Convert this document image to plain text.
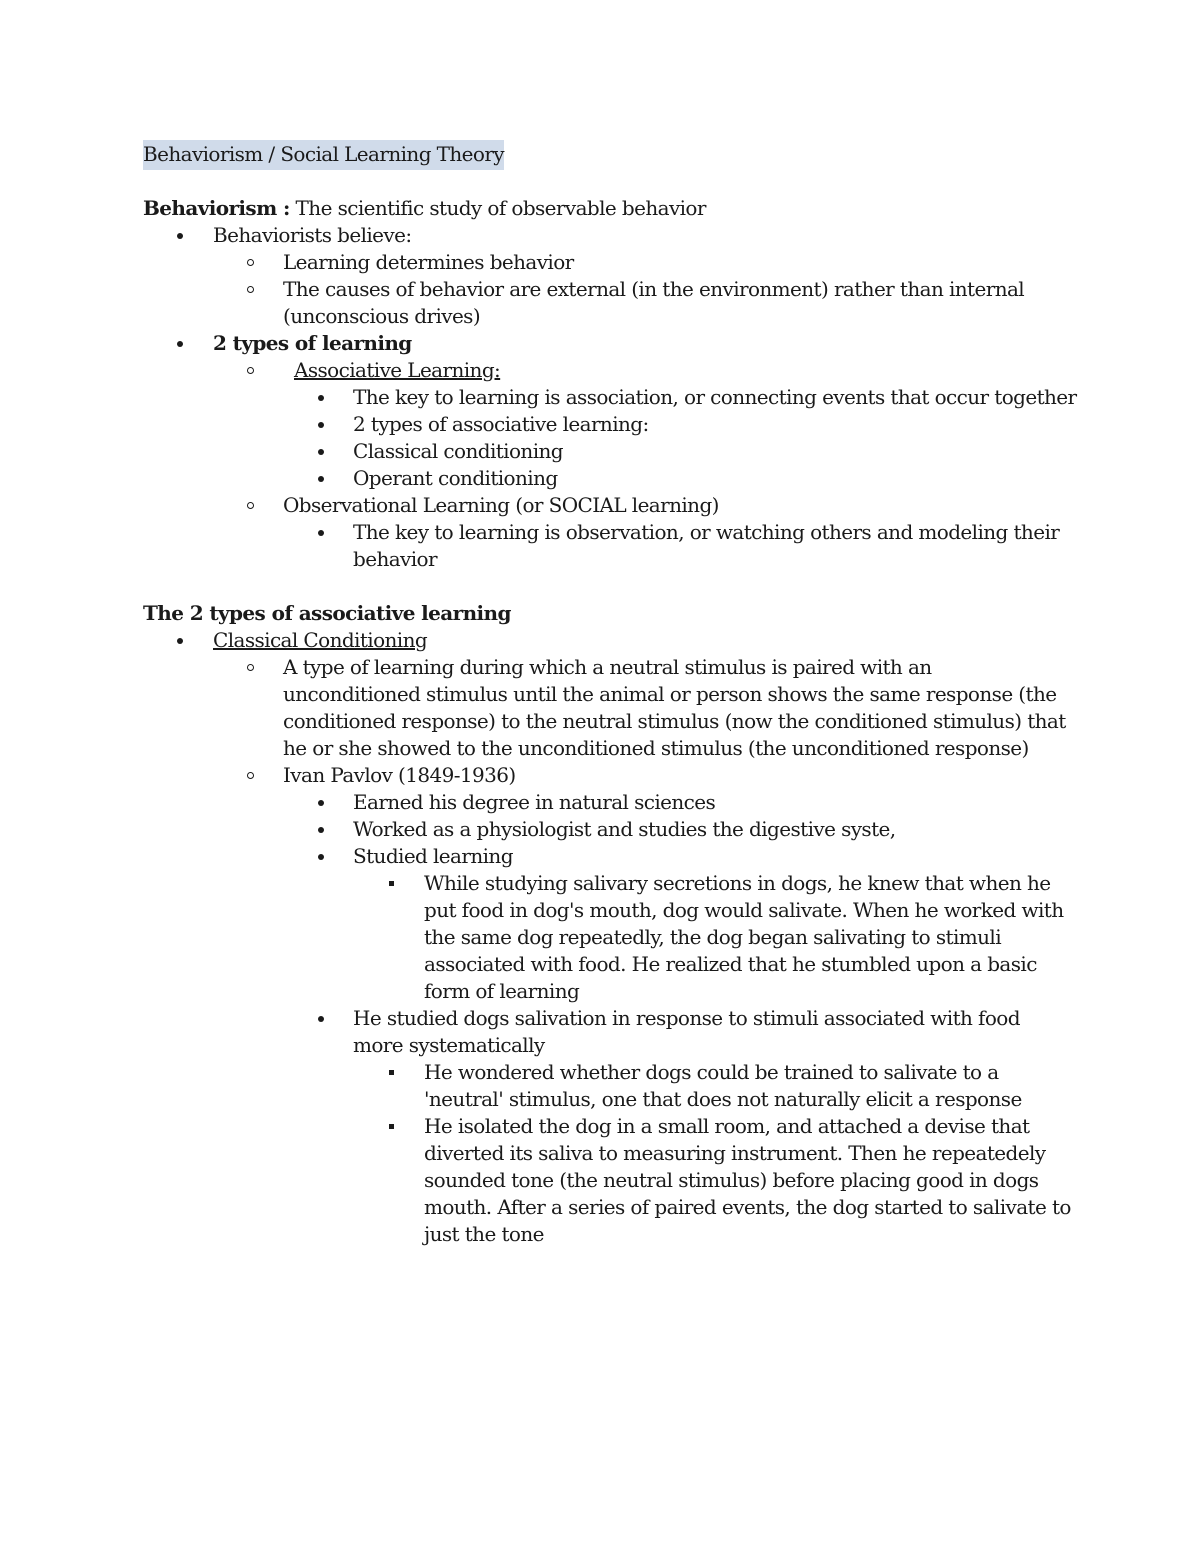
Behaviorism / Social Learning Theory
Behaviorism : The scientific study of observable behavior
Behaviorists believe:
Learning determines behavior
The causes of behavior are external (in the environment) rather than internal
(unconscious drives)
2 types of learning
Associative Learning:
The key to learning is association, or connecting events that occur together
2 types of associative learning:
Classical conditioning
Operant conditioning
Observational Learning (or SOCIAL learning)
The key to learning is observation, or watching others and modeling their
behavior
The 2 types of associative learning
Classical Conditioning
A type of learning during which a neutral stimulus is paired with an
unconditioned stimulus until the animal or person shows the same response (the
conditioned response) to the neutral stimulus (now the conditioned stimulus) that
he or she showed to the unconditioned stimulus (the unconditioned response)
Ivan Pavlov (1849-1936)
Earned his degree in natural sciences
Worked as a physiologist and studies the digestive syste,
Studied learning
While studying salivary secretions in dogs, he knew that when he
put food in dog's mouth, dog would salivate. When he worked with
the same dog repeatedly, the dog began salivating to stimuli
associated with food. He realized that he stumbled upon a basic
form of learning
He studied dogs salivation in response to stimuli associated with food
more systematically
He wondered whether dogs could be trained to salivate to a
'neutral' stimulus, one that does not naturally elicit a response
He isolated the dog in a small room, and attached a devise that
diverted its saliva to measuring instrument. Then he repeatedely
sounded tone (the neutral stimulus) before placing good in dogs
mouth. After a series of paired events, the dog started to salivate to
just the tone
